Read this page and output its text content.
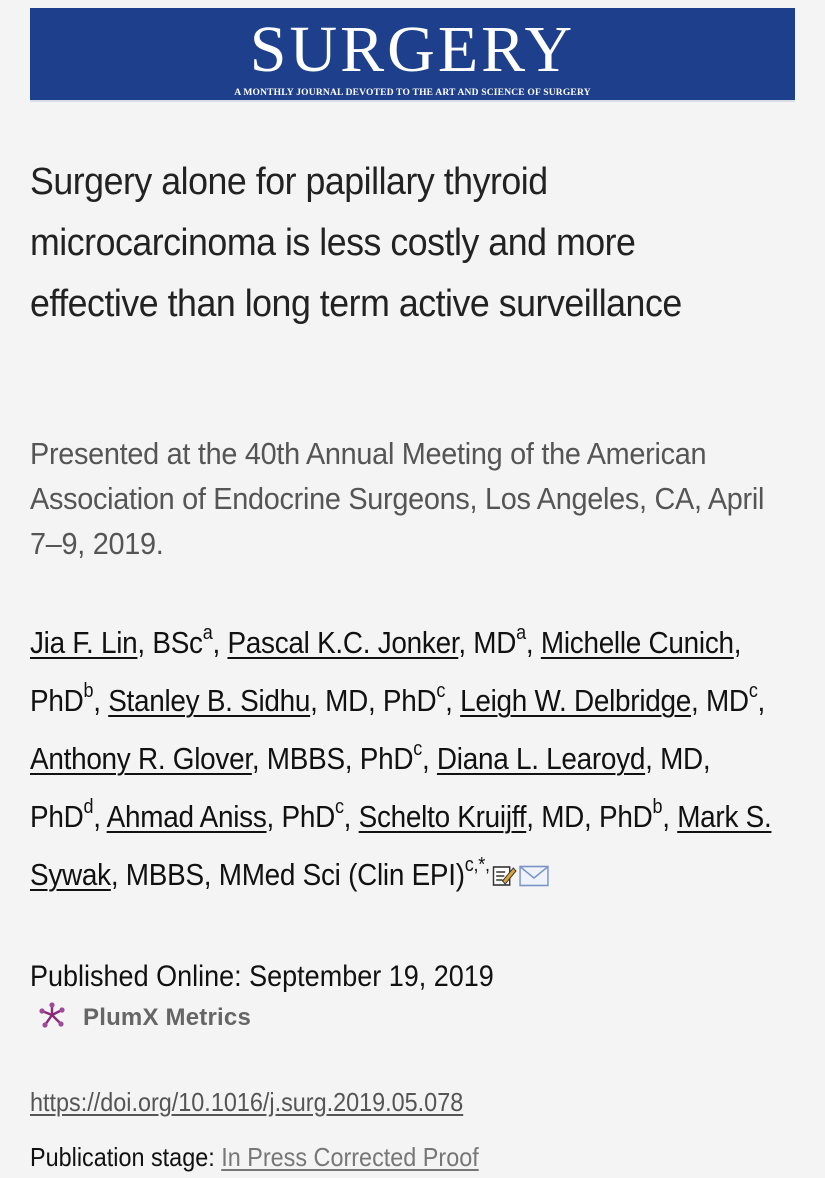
SURGERY
A MONTHLY JOURNAL DEVOTED TO THE ART AND SCIENCE OF SURGERY
Surgery alone for papillary thyroid microcarcinoma is less costly and more effective than long term active surveillance
Presented at the 40th Annual Meeting of the American Association of Endocrine Surgeons, Los Angeles, CA, April 7–9, 2019.
Jia F. Lin, BSc$^a$, Pascal K.C. Jonker, $MD^a$, Michelle Cunich, PhD$^b$, Stanley B. Sidhu, MD, PhD$^c$, Leigh W. Delbridge, $MD^c$, Anthony R. Glover, MBBS, PhD$^c$, Diana L. Learoyd, MD, PhD$^d$, Ahmad Aniss, PhD$^c$, Schelto Kruijff, MD, PhD$^b$, Mark S. Sywak, MBBS, MMed Sci (Clin EPI)$^{c,*,}$
Published Online: September 19, 2019
PlumX Metrics
https://doi.org/10.1016/j.surg.2019.05.078
Publication stage: In Press Corrected Proof
